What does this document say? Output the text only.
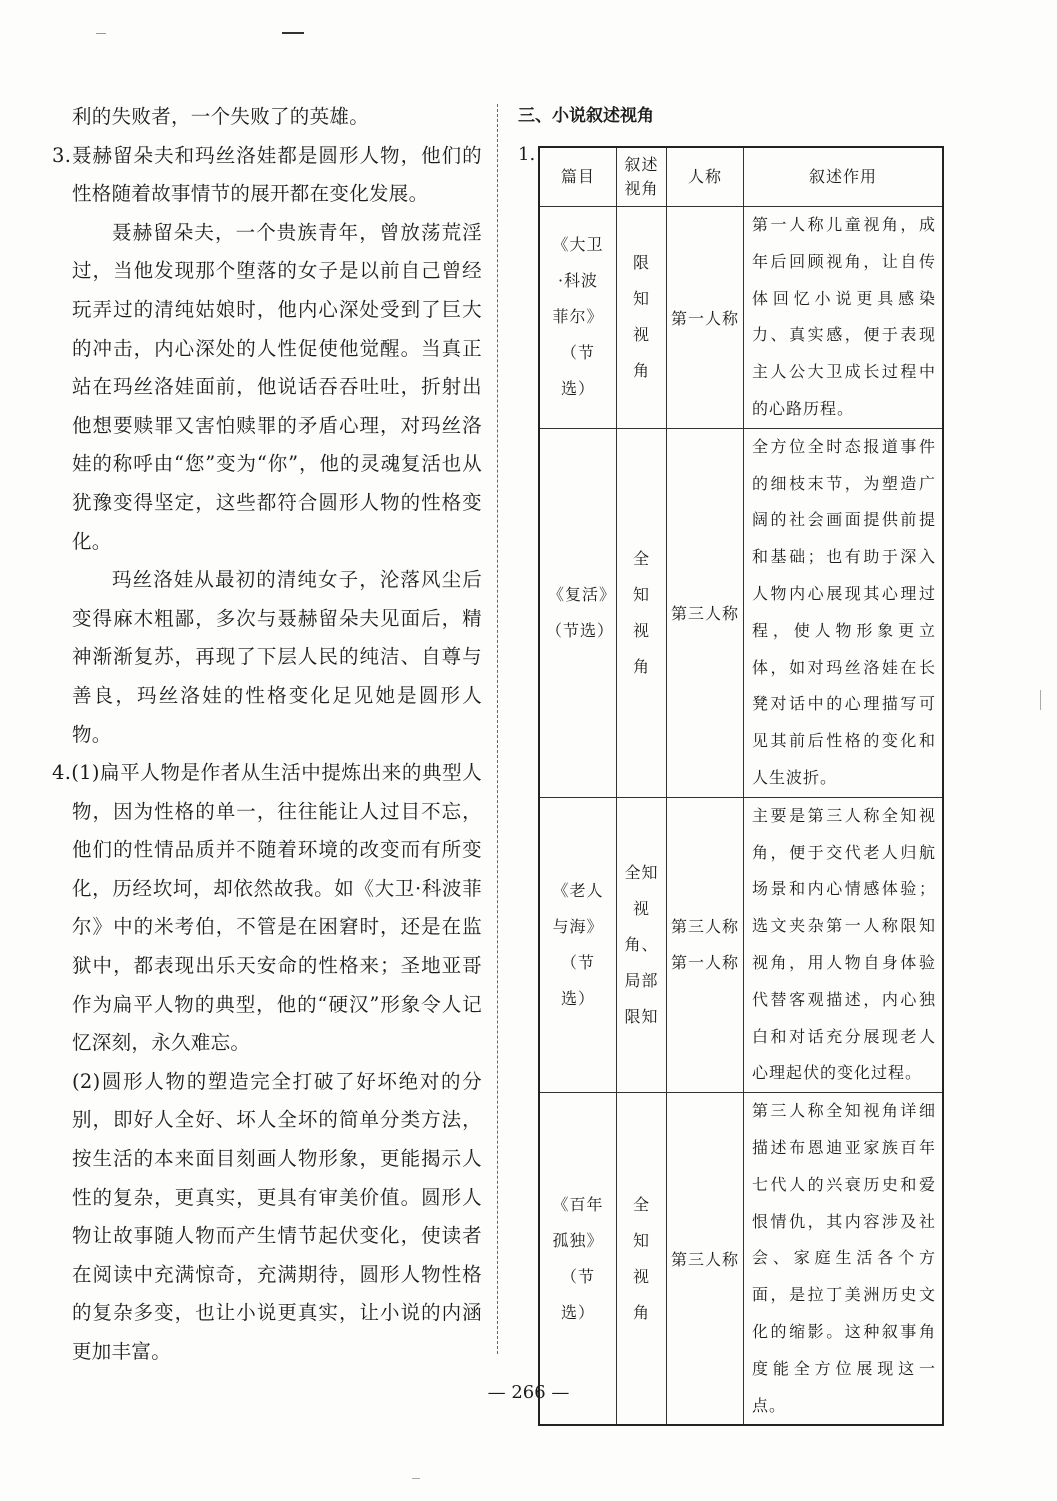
利的失败者，一个失败了的英雄。

3.聂赫留朵夫和玛丝洛娃都是圆形人物，他们的性格随着故事情节的展开都在变化发展。

聂赫留朵夫，一个贵族青年，曾放荡荒淫过，当他发现那个堕落的女子是以前自己曾经玩弄过的清纯姑娘时，他内心深处受到了巨大的冲击，内心深处的人性促使他觉醒。当真正站在玛丝洛娃面前，他说话吞吞吐吐，折射出他想要赎罪又害怕赎罪的矛盾心理，对玛丝洛娃的称呼由“您”变为“你”，他的灵魂复活也从犹豫变得坚定，这些都符合圆形人物的性格变化。

玛丝洛娃从最初的清纯女子，沦落风尘后变得麻木粗鄙，多次与聂赫留朵夫见面后，精神渐渐复苏，再现了下层人民的纯洁、自尊与善良，玛丝洛娃的性格变化足见她是圆形人物。

4.(1)扁平人物是作者从生活中提炼出来的典型人物，因为性格的单一，往往能让人过目不忘，他们的性情品质并不随着环境的改变而有所变化，历经坎坷，却依然故我。如《大卫·科波菲尔》中的米考伯，不管是在困窘时，还是在监狱中，都表现出乐天安命的性格来；圣地亚哥作为扁平人物的典型，他的“硬汉”形象令人记忆深刻，永久难忘。

(2)圆形人物的塑造完全打破了好坏绝对的分别，即好人全好、坏人全坏的简单分类方法，按生活的本来面目刻画人物形象，更能揭示人性的复杂，更真实，更具有审美价值。圆形人物让故事随人物而产生情节起伏变化，使读者在阅读中充满惊奇，充满期待，圆形人物性格的复杂多变，也让小说更真实，让小说的内涵更加丰富。

三、小说叙述视角
1.
篇目	叙述视角	人称	叙述作用
《大卫·科波菲尔》（节选）	限知视角	第一人称	第一人称儿童视角，成年后回顾视角，让自传体回忆小说更具感染力、真实感，便于表现主人公大卫成长过程中的心路历程。
《复活》（节选）	全知视角	第三人称	全方位全时态报道事件的细枝末节，为塑造广阔的社会画面提供前提和基础；也有助于深入人物内心展现其心理过程，使人物形象更立体，如对玛丝洛娃在长凳对话中的心理描写可见其前后性格的变化和人生波折。
《老人与海》（节选）	全知视角、局部限知	第三人称第一人称	主要是第三人称全知视角，便于交代老人归航场景和内心情感体验；选文夹杂第一人称限知视角，用人物自身体验代替客观描述，内心独白和对话充分展现老人心理起伏的变化过程。
《百年孤独》（节选）	全知视角	第三人称	第三人称全知视角详细描述布恩迪亚家族百年七代人的兴衰历史和爱恨情仇，其内容涉及社会、家庭生活各个方面，是拉丁美洲历史文化的缩影。这种叙事角度能全方位展现这一点。
— 266 —
